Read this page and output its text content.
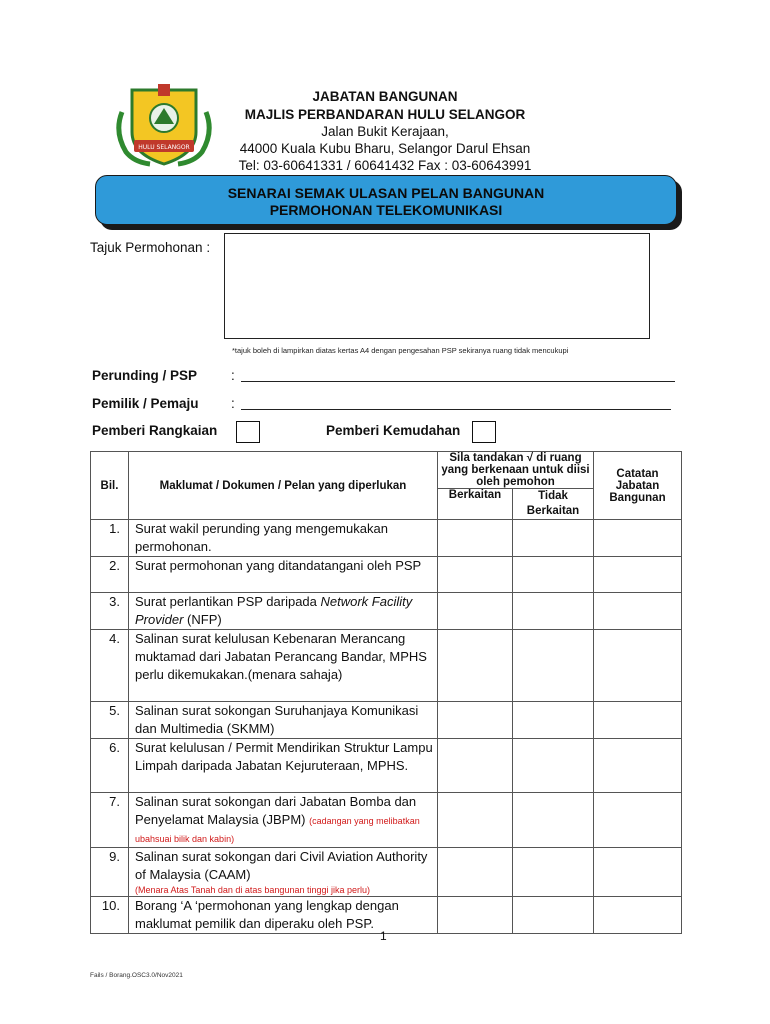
HULU SELANGOR
JABATAN BANGUNAN
MAJLIS PERBANDARAN HULU SELANGOR
Jalan Bukit Kerajaan,
44000 Kuala Kubu Bharu, Selangor Darul Ehsan
Tel: 03-60641331 / 60641432 Fax : 03-60643991
SENARAI SEMAK ULASAN PELAN BANGUNAN
PERMOHONAN TELEKOMUNIKASI
Tajuk Permohonan :
*tajuk boleh di lampirkan diatas kertas A4 dengan pengesahan PSP sekiranya ruang tidak mencukupi
Perunding / PSP	:
Pemilik / Pemaju :
Pemberi Rangkaian	Pemberi Kemudahan
Bil.	Maklumat / Dokumen / Pelan yang diperlukan	Sila tandakan √ di ruang yang berkenaan untuk diisi oleh pemohon		Catatan Jabatan Bangunan
		Berkaitan	Tidak Berkaitan	
1.	Surat wakil perunding yang mengemukakan permohonan.			
2.	Surat permohonan yang ditandatangani oleh PSP			
3.	Surat perlantikan PSP daripada Network Facility Provider (NFP)			
4.	Salinan surat kelulusan Kebenaran Merancang muktamad dari Jabatan Perancang Bandar, MPHS perlu dikemukakan.(menara sahaja)			
5.	Salinan surat sokongan Suruhanjaya Komunikasi dan Multimedia (SKMM)			
6.	Surat kelulusan / Permit Mendirikan Struktur Lampu Limpah daripada Jabatan Kejuruteraan, MPHS.			
7.	Salinan surat sokongan dari Jabatan Bomba dan Penyelamat Malaysia (JBPM) (cadangan yang melibatkan ubahsuai bilik dan kabin)			
9.	Salinan surat sokongan dari Civil Aviation Authority of Malaysia (CAAM)
(Menara Atas Tanah dan di atas bangunan tinggi jika perlu)			

10.	Borang ‘A ‘permohonan yang lengkap dengan maklumat pemilik dan diperaku oleh PSP.			
1
Fails / Borang.OSC3.0/Nov2021
